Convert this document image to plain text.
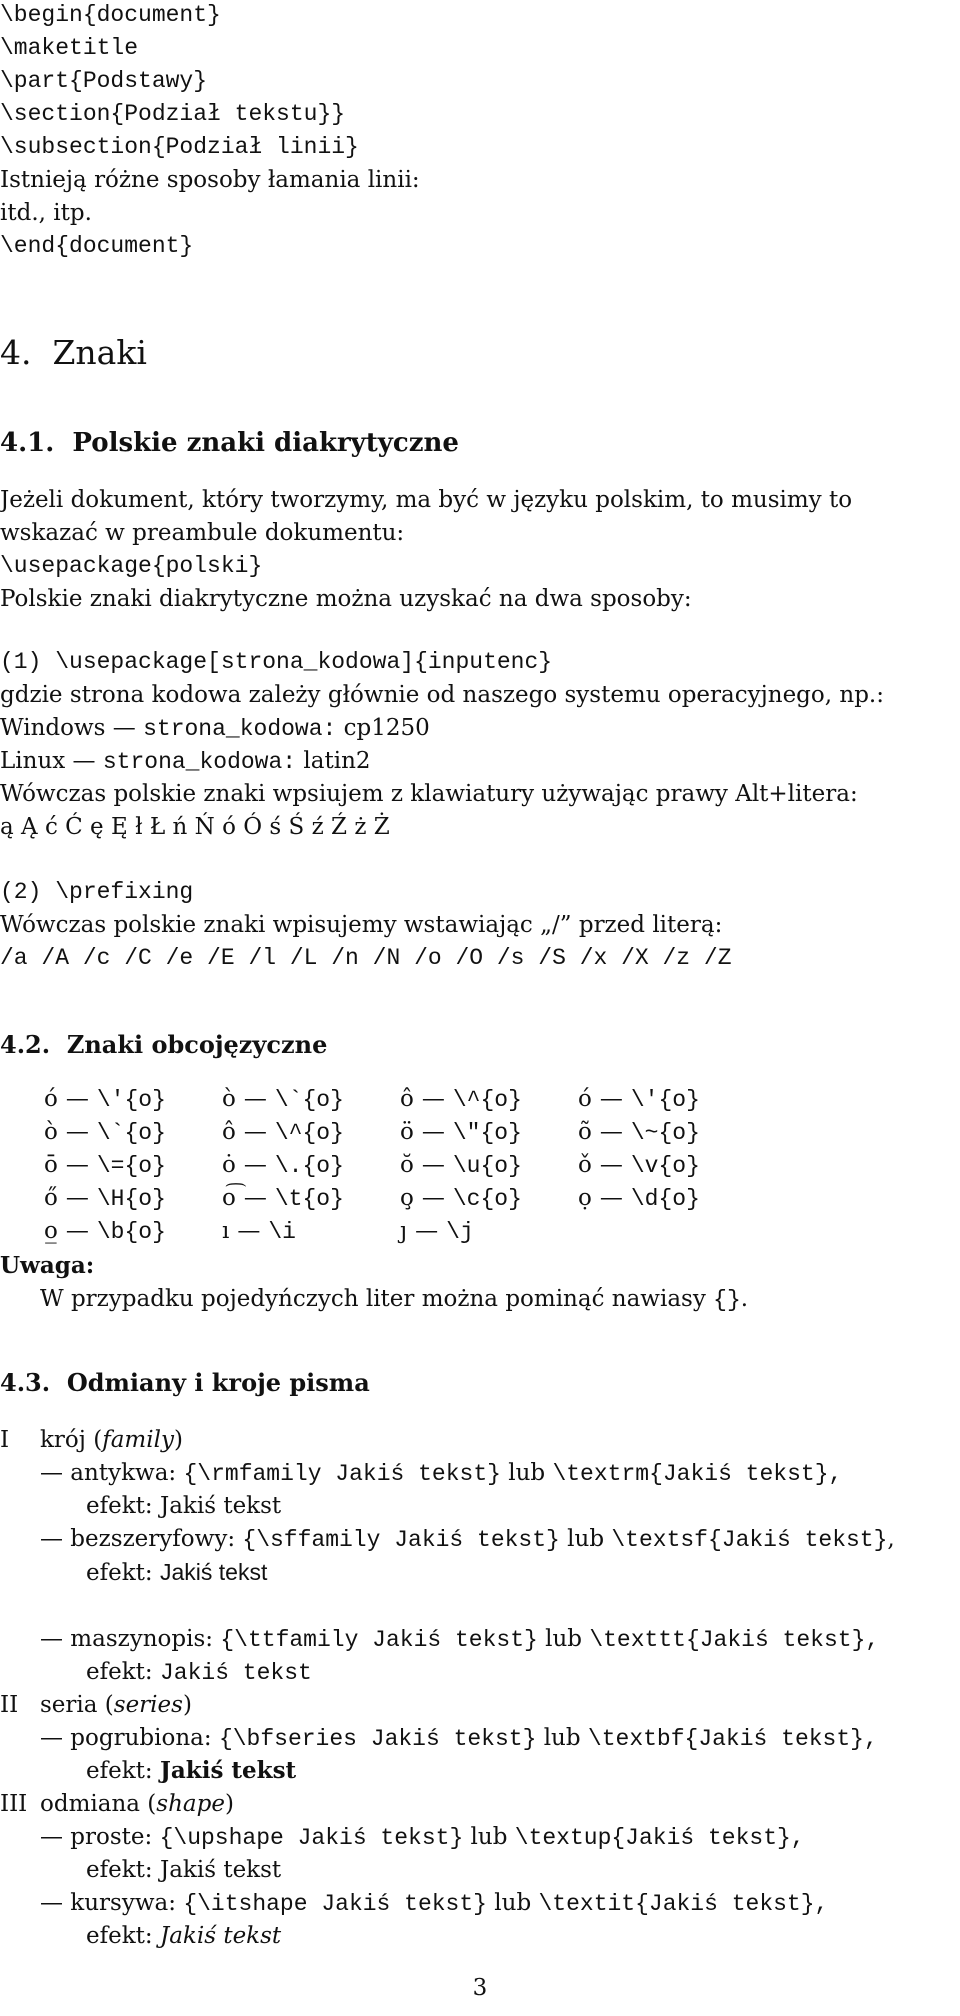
\begin{document}
\maketitle
\part{Podstawy}
\section{Podział tekstu}}
\subsection{Podział linii}
Istnieją różne sposoby łamania linii:
itd., itp.
\end{document}
4.  Znaki
4.1.  Polskie znaki diakrytyczne
Jeżeli dokument, który tworzymy, ma być w języku polskim, to musimy to
wskazać w preambule dokumentu:
\usepackage{polski}
Polskie znaki diakrytyczne można uzyskać na dwa sposoby:
(1) \usepackage[strona_kodowa]{inputenc}
gdzie strona kodowa zależy głównie od naszego systemu operacyjnego, np.:
Windows — strona_kodowa: cp1250
Linux — strona_kodowa: latin2
Wówczas polskie znaki wpsiujem z klawiatury używając prawy Alt+litera:
ą Ą ć Ć ę Ę ł Ł ń Ń ó Ó ś Ś ź Ź ż Ż
(2) \prefixing
Wówczas polskie znaki wpisujemy wstawiając „/” przed literą:
/a /A /c /C /e /E /l /L /n /N /o /O /s /S /x /X /z /Z
4.2.  Znaki obcojęzyczne
ó — \'{o}	ò — \`{o}	ô — \^{o}	ó — \'{o}
ò — \`{o}	ô — \^{o}	ö — \"{o}	õ — \~{o}
ō — \={o}	ȯ — \.{o}	ŏ — \u{o}	ǒ — \v{o}
ő — \H{o}	o͡ — \t{o}	o̧ — \c{o}	ọ — \d{o}
o̲ — \b{o}	ı — \i	ȷ — \j	
Uwaga:
W przypadku pojedyńczych liter można pominąć nawiasy {}.
4.3.  Odmiany i kroje pisma
I krój (family)
— antykwa: {\rmfamily Jakiś tekst} lub \textrm{Jakiś tekst},
efekt: Jakiś tekst
— bezszeryfowy: {\sffamily Jakiś tekst} lub \textsf{Jakiś tekst},
efekt: Jakiś tekst
— maszynopis: {\ttfamily Jakiś tekst} lub \texttt{Jakiś tekst},
efekt: Jakiś tekst
II seria (series)
— pogrubiona: {\bfseries Jakiś tekst} lub \textbf{Jakiś tekst},
efekt: Jakiś tekst
III odmiana (shape)
— proste: {\upshape Jakiś tekst} lub \textup{Jakiś tekst},
efekt: Jakiś tekst
— kursywa: {\itshape Jakiś tekst} lub \textit{Jakiś tekst},
efekt: Jakiś tekst
3
